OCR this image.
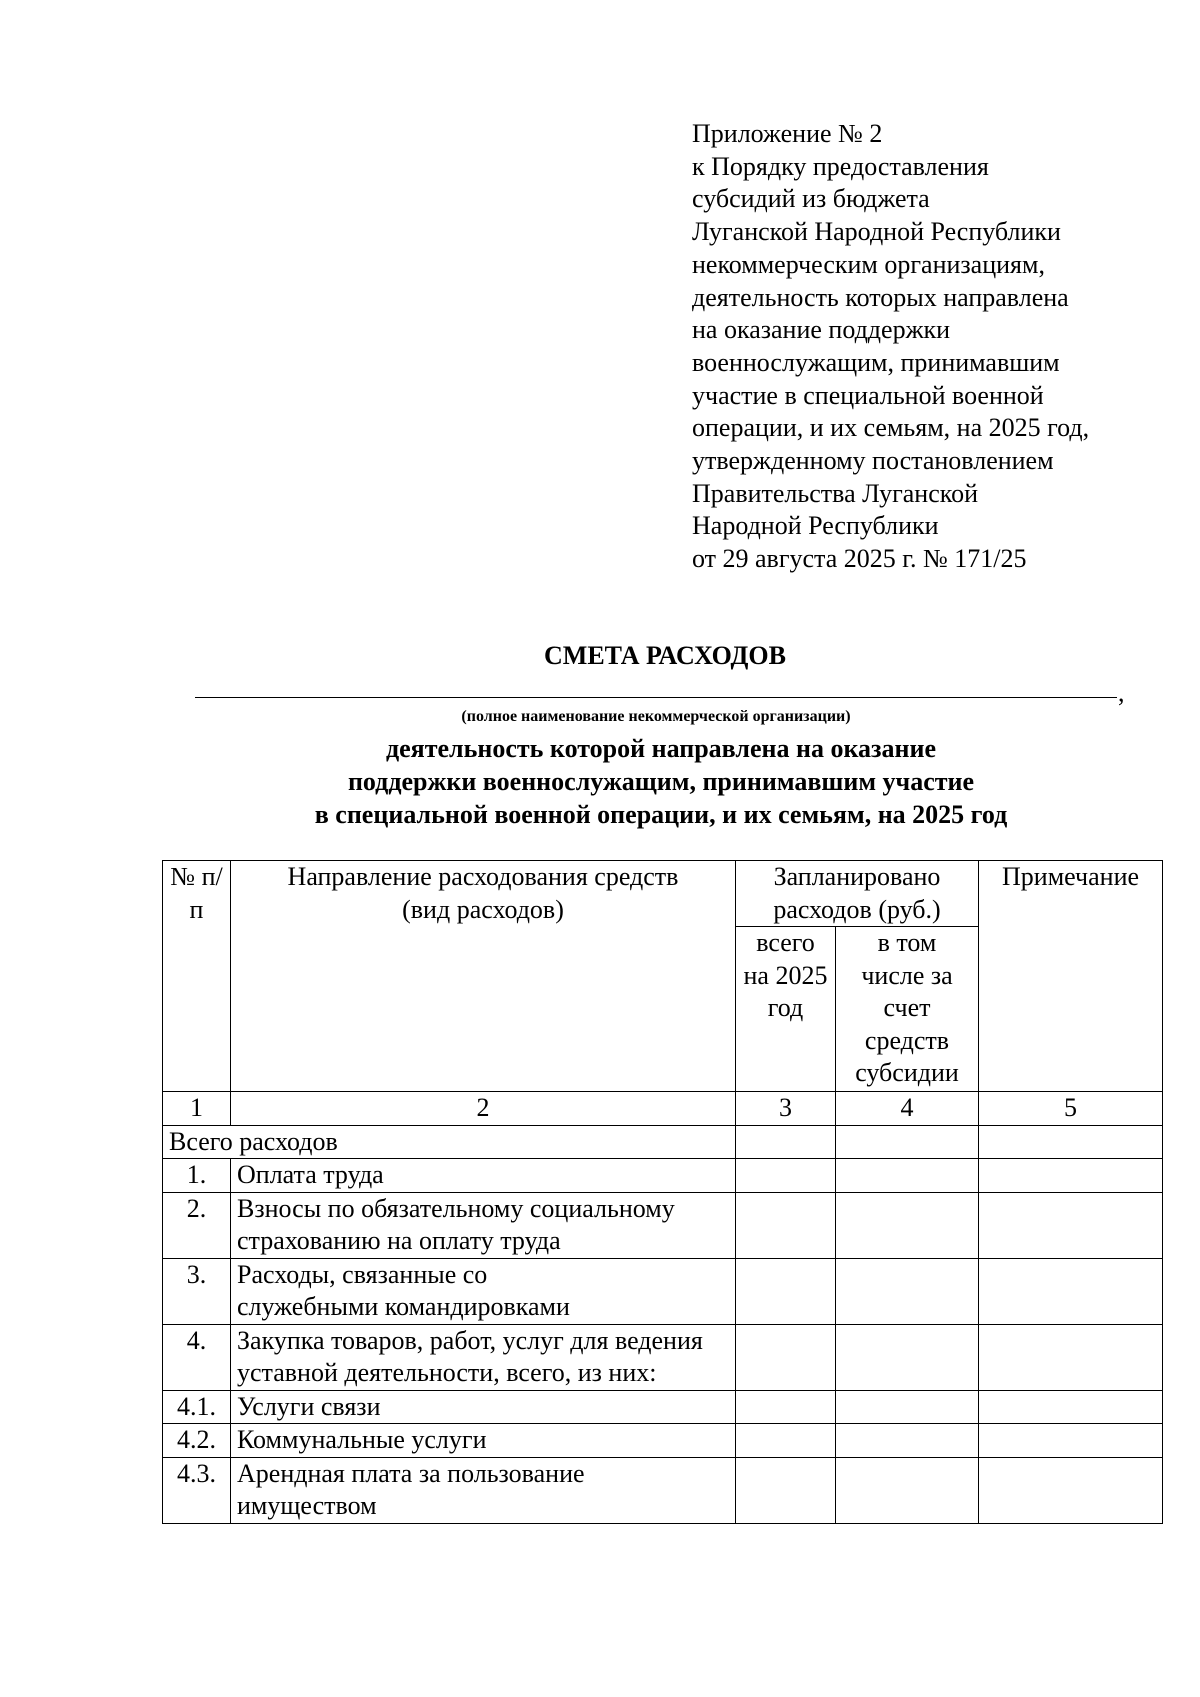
Приложение № 2
к Порядку предоставления
субсидий из бюджета
Луганской Народной Республики
некоммерческим организациям,
деятельность которых направлена
на оказание поддержки
военнослужащим, принимавшим
участие в специальной военной
операции, и их семьям, на 2025 год,
утвержденному постановлением
Правительства Луганской
Народной Республики
от 29 августа 2025 г. № 171/25
СМЕТА РАСХОДОВ
,
(полное наименование некоммерческой организации)
деятельность которой направлена на оказание
поддержки военнослужащим, принимавшим участие
в специальной военной операции, и их семьям, на 2025 год
№ п/п	Направление расходования средств (вид расходов)	Запланировано расходов (руб.)		Примечание
		всего на 2025 год	в том числе за счет средств субсидии	
1	2	3	4	5
Всего расходов				
1.	Оплата труда			
2.	Взносы по обязательному социальному страхованию на оплату труда			
3.	Расходы, связанные со служебными командировками			
4.	Закупка товаров, работ, услуг для ведения уставной деятельности, всего, из них:			
4.1.	Услуги связи			
4.2.	Коммунальные услуги			
4.3.	Арендная плата за пользование имуществом			
